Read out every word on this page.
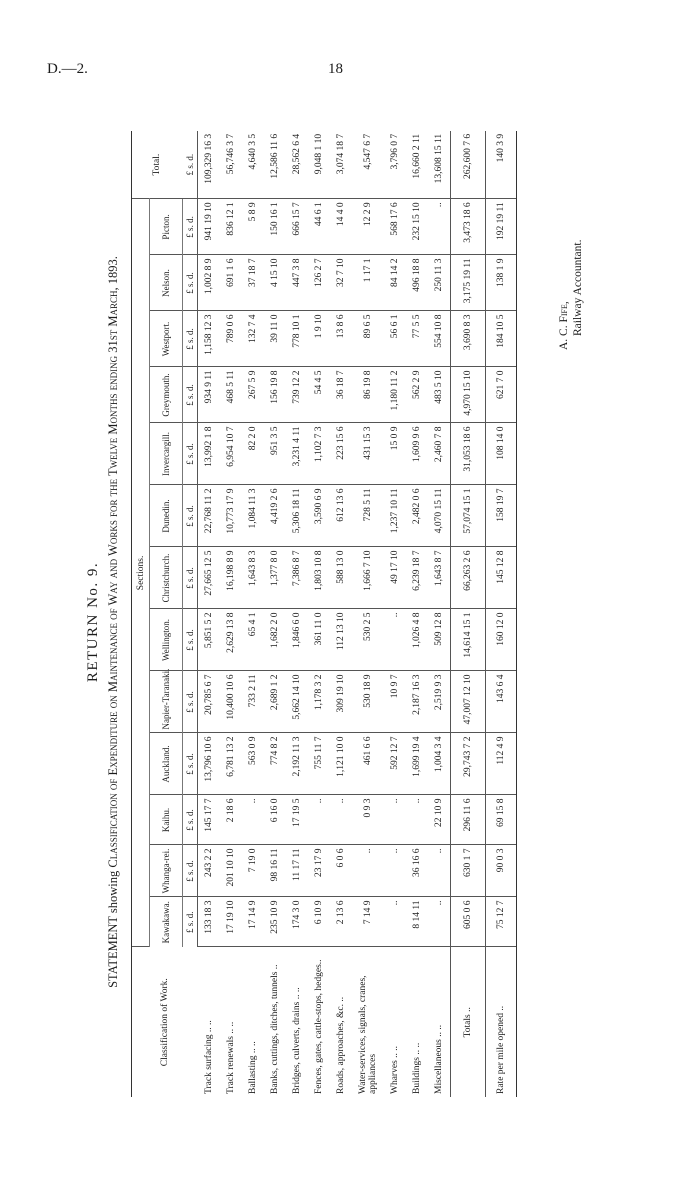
D.—2.	18
RETURN No. 9.
STATEMENT showing Classification of Expenditure on Maintenance of Way and Works for the Twelve Months ending 31st March, 1893.
Classification of Work.	Sections.													Total.
	Kawakawa.	Whanga-rei.	Kaihu.	Auckland.	Napier-Taranaki.	Wellington.	Christchurch.	Dunedin.	Invercargill.	Greymouth.	Westport.	Nelson.	Picton.	
	£ s. d.	£ s. d.	£ s. d.	£ s. d.	£ s. d.	£ s. d.	£ s. d.	£ s. d.	£ s. d.	£ s. d.	£ s. d.	£ s. d.	£ s. d.	£ s. d.
Track surfacing .. ..	133 18 3	243 2 2	145 17 7	13,796 10 6	20,785 6 7	5,851 5 2	27,665 12 5	22,768 11 2	13,992 1 8	934 9 11	1,158 12 3	1,002 8 9	941 19 10	109,329 16 3
Track renewals .. ..	17 19 10	201 10 10	2 18 6	6,781 13 2	10,400 10 6	2,629 13 8	16,198 8 9	10,773 17 9	6,954 10 7	468 5 11	789 0 6	691 1 6	836 12 1	56,746 3 7
Ballasting .. ..	17 14 9	7 19 0	..	563 0 9	733 2 11	65 4 1	1,643 8 3	1,084 11 3	82 2 0	267 5 9	132 7 4	37 18 7	5 8 9	4,640 3 5
Banks, cuttings, ditches, tunnels ..	235 10 9	98 16 11	6 16 0	774 8 2	2,689 1 2	1,682 2 0	1,377 8 0	4,419 2 6	951 3 5	156 19 8	39 11 0	4 15 10	150 16 1	12,586 11 6
Bridges, culverts, drains .. ..	174 3 0	11 17 11	17 19 5	2,192 11 3	5,662 14 10	1,846 6 0	7,386 8 7	5,306 18 11	3,231 4 11	739 12 2	778 10 1	447 3 8	666 15 7	28,562 6 4
Fences, gates, cattle-stops, hedges..	6 10 9	23 17 9	..	755 11 7	1,178 3 2	361 11 0	1,803 10 8	3,590 6 9	1,102 7 3	54 4 5	1 9 10	126 2 7	44 6 1	9,048 1 10
Roads, approaches, &c. ..	2 13 6	6 0 6	..	1,121 10 0	309 19 10	112 13 10	588 13 0	612 13 6	223 15 6	36 18 7	13 8 6	32 7 10	14 4 0	3,074 18 7
Water-services, signals, cranes, appliances	7 14 9	..	0 9 3	461 6 6	530 18 9	530 2 5	1,666 7 10	728 5 11	431 15 3	86 19 8	89 6 5	1 17 1	12 2 9	4,547 6 7
Wharves .. ..	..	..	..	592 12 7	10 9 7	..	49 17 10	1,237 10 11	15 0 9	1,180 11 2	56 6 1	84 14 2	568 17 6	3,796 0 7
Buildings .. ..	8 14 11	36 16 6	..	1,699 19 4	2,187 16 3	1,026 4 8	6,239 18 7	2,482 0 6	1,609 9 6	562 2 9	77 5 5	496 18 8	232 15 10	16,660 2 11
Miscellaneous .. ..	..	..	22 10 9	1,004 3 4	2,519 9 3	509 12 8	1,643 8 7	4,070 15 11	2,460 7 8	483 5 10	554 10 8	250 11 3	..	13,608 15 11
Totals ..	605 0 6	630 1 7	296 11 6	29,743 7 2	47,007 12 10	14,614 15 1	66,263 2 6	57,074 15 1	31,053 18 6	4,970 15 10	3,690 8 3	3,175 19 11	3,473 18 6	262,600 7 6
Rate per mile opened ..	75 12 7	90 0 3	69 15 8	112 4 9	143 6 4	160 12 0	145 12 8	158 19 7	108 14 0	621 7 0	184 10 5	138 1 9	192 19 11	140 3 9
A. C. Fife, Railway Accountant.
